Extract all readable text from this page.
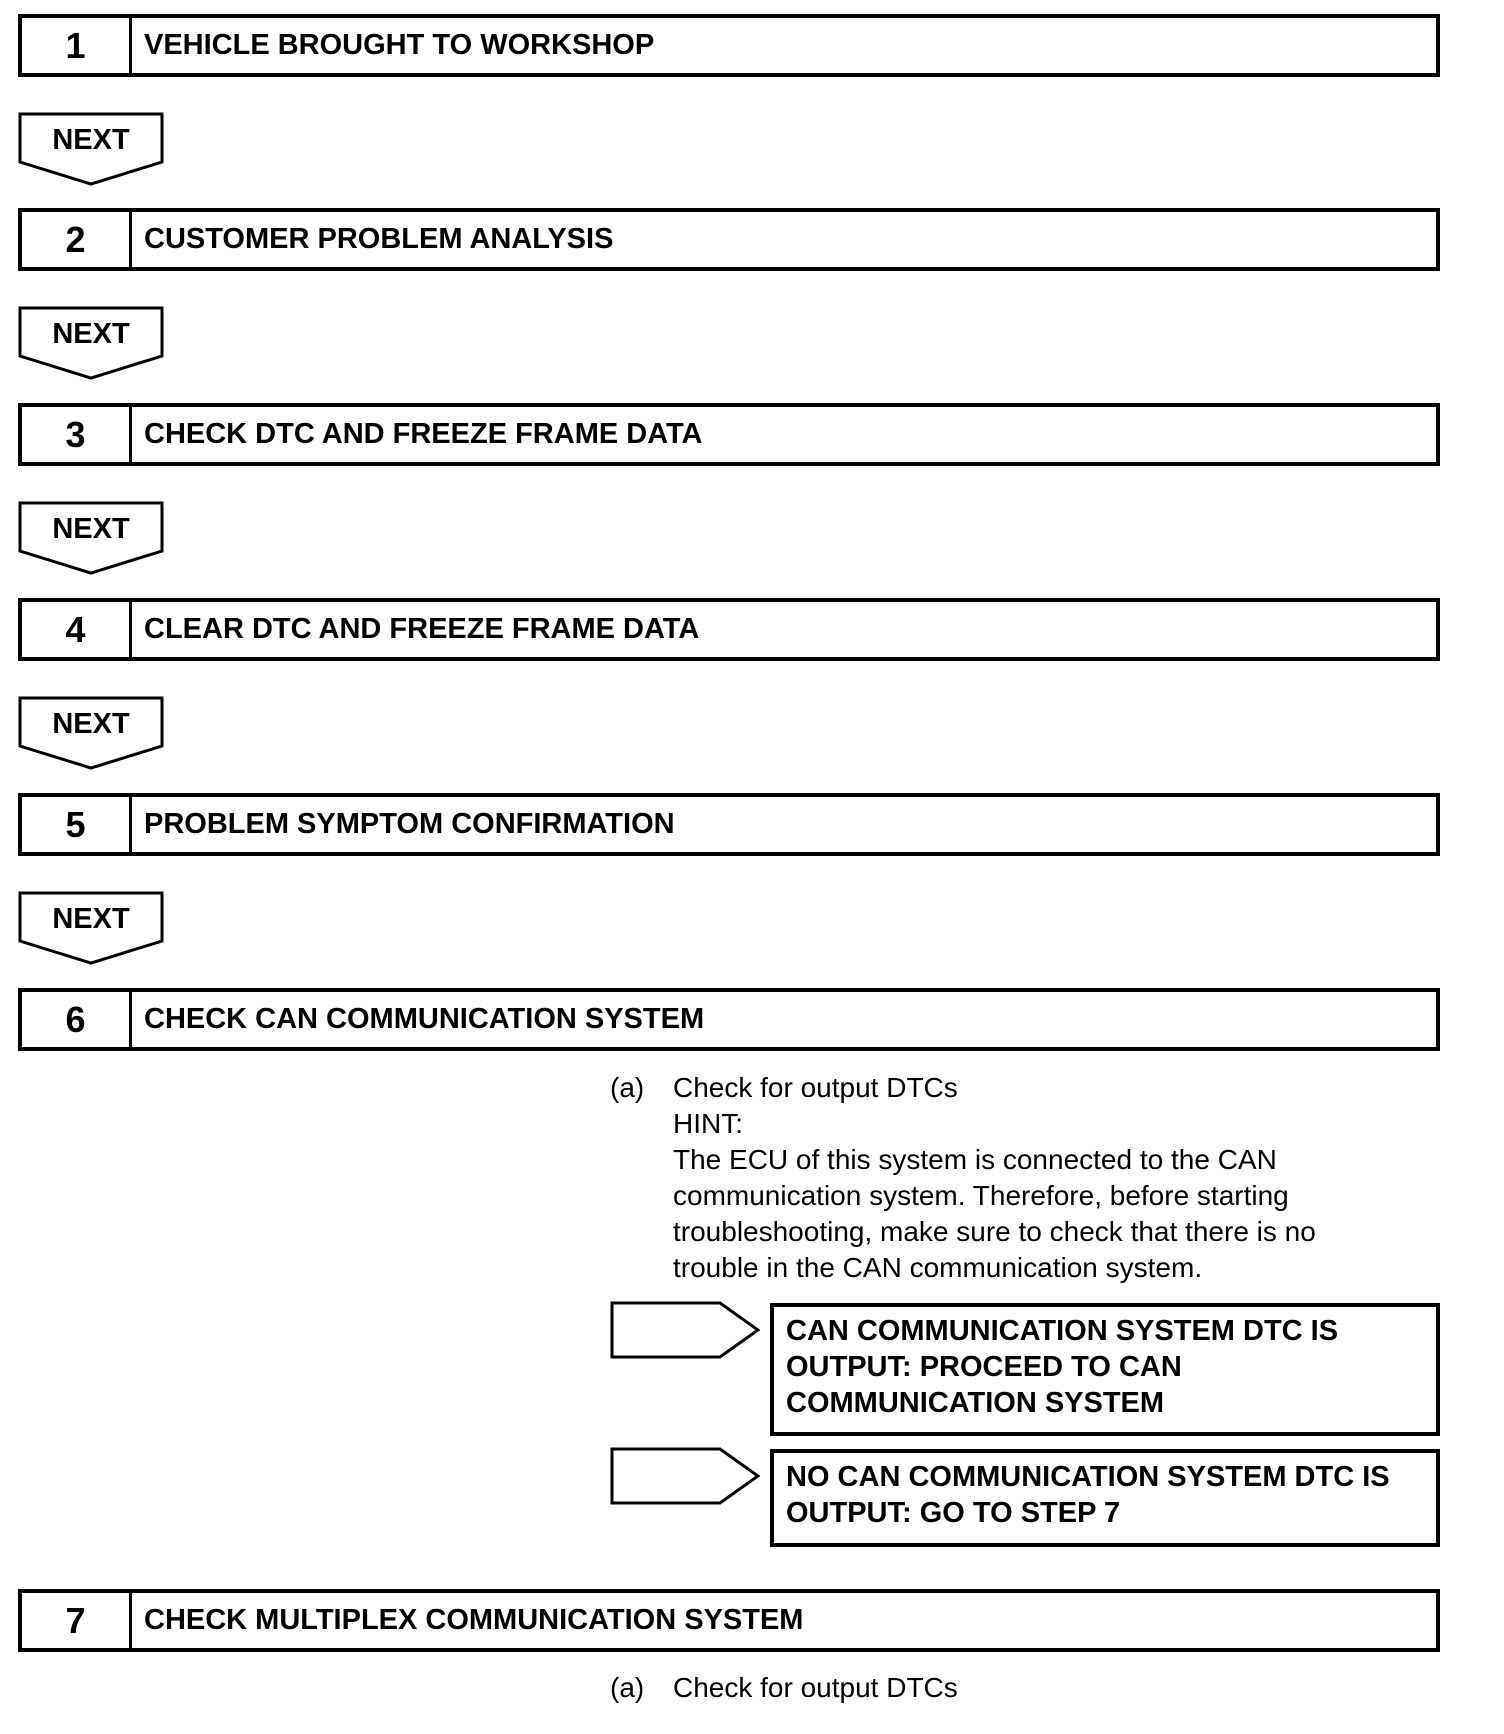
1	VEHICLE BROUGHT TO WORKSHOP
NEXT
2	CUSTOMER PROBLEM ANALYSIS
NEXT
3	CHECK DTC AND FREEZE FRAME DATA
NEXT
4	CLEAR DTC AND FREEZE FRAME DATA
NEXT
5	PROBLEM SYMPTOM CONFIRMATION
NEXT
6	CHECK CAN COMMUNICATION SYSTEM
(a) Check for output DTCs
HINT:
The ECU of this system is connected to the CAN
communication system. Therefore, before starting
troubleshooting, make sure to check that there is no
trouble in the CAN communication system.
CAN COMMUNICATION SYSTEM DTC IS
OUTPUT: PROCEED TO CAN
COMMUNICATION SYSTEM
NO CAN COMMUNICATION SYSTEM DTC IS
OUTPUT: GO TO STEP 7
7	CHECK MULTIPLEX COMMUNICATION SYSTEM
(a) Check for output DTCs
